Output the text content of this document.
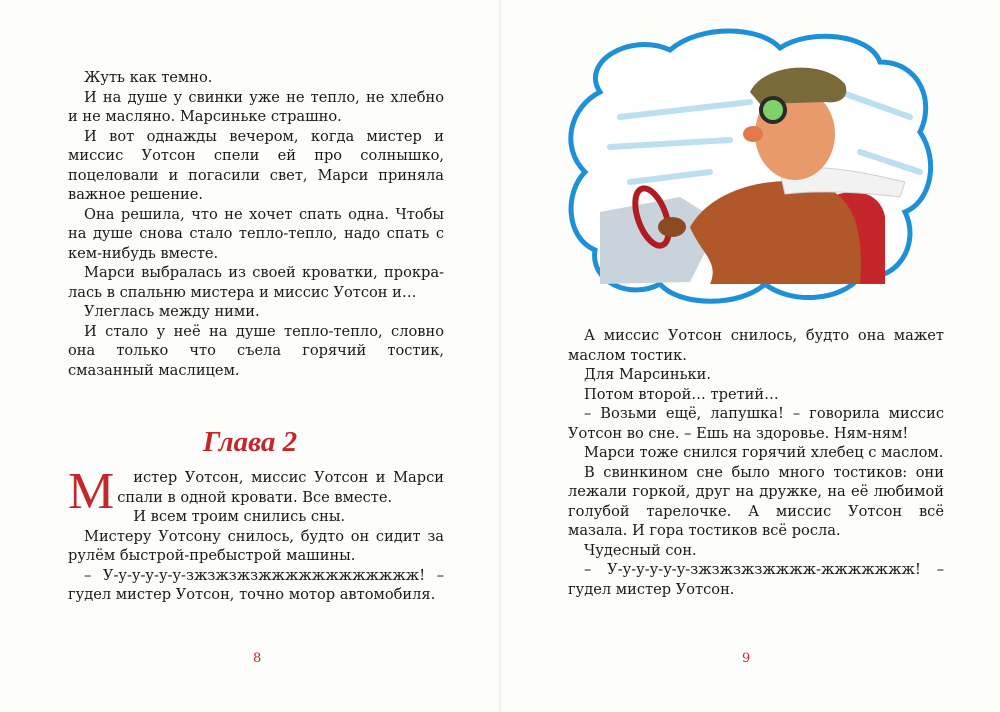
Жуть как темно.

И на душе у свинки уже не тепло, не хлебно и не масляно. Марсиньке страшно.

И вот однажды вечером, когда мистер и миссис Уотсон спели ей про солнышко, поцеловали и погасили свет, Марси приняла важное решение.

Она решила, что не хочет спать одна. Чтобы на душе снова стало тепло-тепло, надо спать с кем-нибудь вместе.

Марси выбралась из своей кроватки, прокралась в спальню мистера и миссис Уотсон и…

Улеглась между ними.

И стало у неё на душе тепло-тепло, словно она только что съела горячий тостик, смазанный маслицем.

Глава 2

М истер Уотсон, миссис Уотсон и Марси спали в одной кровати. Все вместе.

И всем троим снились сны.

Мистеру Уотсону снилось, будто он сидит за рулём быстрой-пребыстрой машины.

– У-у-у-у-у-у-зжзжзжзжжжжжжжжжжжж! – гудел мистер Уотсон, точно мотор автомобиля.

8

А миссис Уотсон снилось, будто она мажет маслом тостик.

Для Марсиньки.

Потом второй… третий…

– Возьми ещё, лапушка! – говорила миссис Уотсон во сне. – Ешь на здоровье. Ням-ням!

Марси тоже снился горячий хлебец с маслом.

В свинкином сне было много тостиков: они лежали горкой, друг на дружке, на её любимой голубой тарелочке. А миссис Уотсон всё мазала. И гора тостиков всё росла.

Чудесный сон.

– У-у-у-у-у-у-зжзжзжзжжжж-жжжжжжж! – гудел мистер Уотсон.

9
